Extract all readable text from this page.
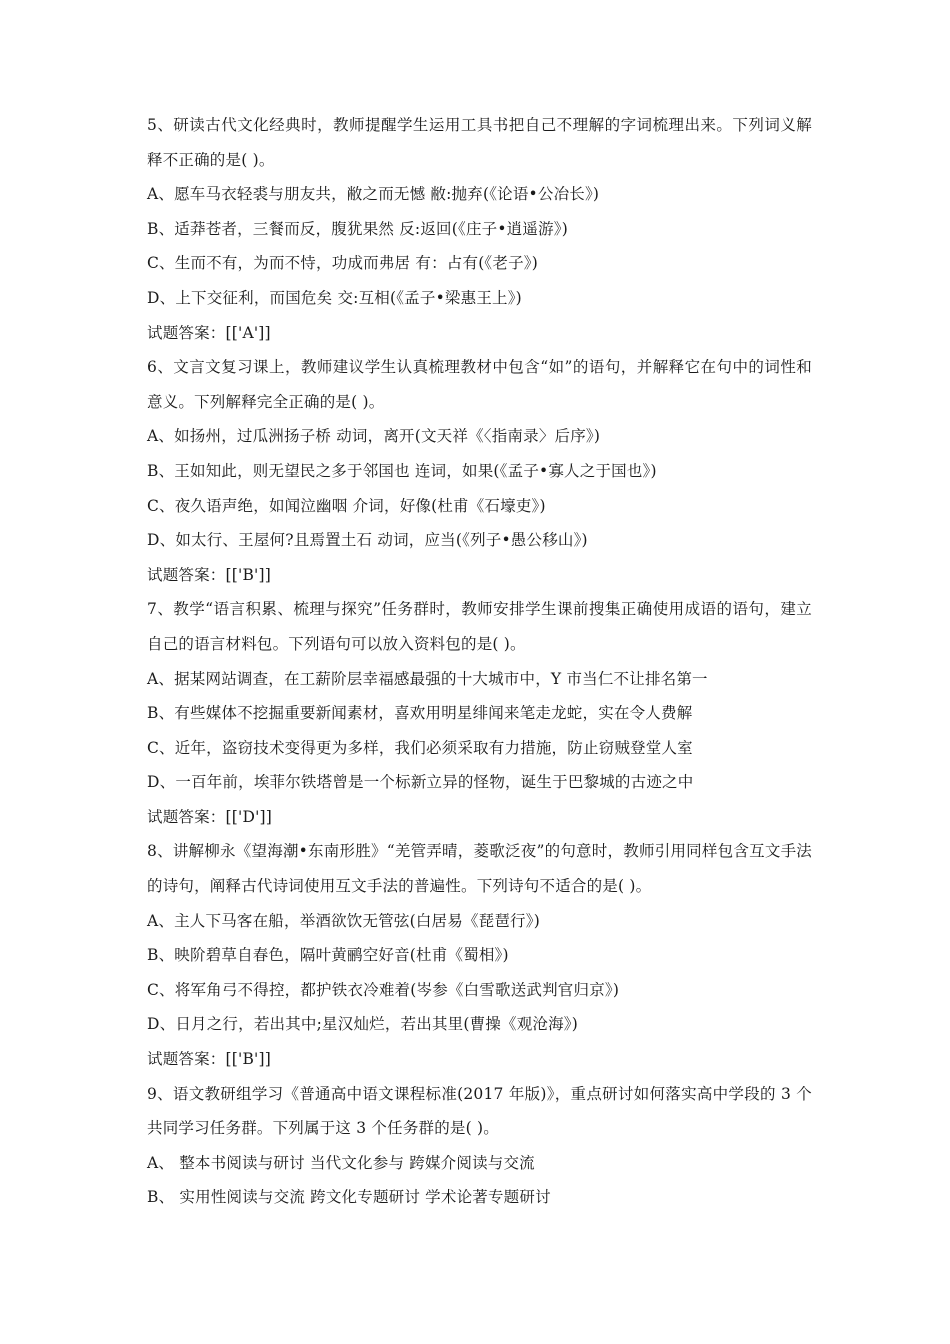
5、研读古代文化经典时，教师提醒学生运用工具书把自己不理解的字词梳理出来。下列词义解释不正确的是( )。
A、愿车马衣轻裘与朋友共，敝之而无憾 敝:抛弃(《论语•公冶长》)
B、适莽苍者，三餐而反，腹犹果然 反:返回(《庄子•逍遥游》)
C、生而不有，为而不恃，功成而弗居 有：占有(《老子》)
D、上下交征利，而国危矣 交:互相(《孟子•梁惠王上》)
试题答案：[['A']]
6、文言文复习课上，教师建议学生认真梳理教材中包含“如”的语句，并解释它在句中的词性和意义。下列解释完全正确的是( )。
A、如扬州，过瓜洲扬子桥 动词，离开(文天祥《〈指南录〉后序》)
B、王如知此，则无望民之多于邻国也 连词，如果(《孟子•寡人之于国也》)
C、夜久语声绝，如闻泣幽咽 介词，好像(杜甫《石壕吏》)
D、如太行、王屋何?且焉置土石 动词，应当(《列子•愚公移山》)
试题答案：[['B']]
7、教学“语言积累、梳理与探究”任务群时，教师安排学生课前搜集正确使用成语的语句，建立自己的语言材料包。下列语句可以放入资料包的是( )。
A、据某网站调查，在工薪阶层幸福感最强的十大城市中，Y 市当仁不让排名第一
B、有些媒体不挖掘重要新闻素材，喜欢用明星绯闻来笔走龙蛇，实在令人费解
C、近年，盗窃技术变得更为多样，我们必须采取有力措施，防止窃贼登堂人室
D、一百年前，埃菲尔铁塔曾是一个标新立异的怪物，诞生于巴黎城的古迹之中
试题答案：[['D']]
8、讲解柳永《望海潮•东南形胜》“羌管弄晴，菱歌泛夜”的句意时，教师引用同样包含互文手法的诗句，阐释古代诗词使用互文手法的普遍性。下列诗句不适合的是( )。
A、主人下马客在船，举酒欲饮无管弦(白居易《琵琶行》)
B、映阶碧草自春色，隔叶黄鹂空好音(杜甫《蜀相》)
C、将军角弓不得控，都护铁衣冷难着(岑参《白雪歌送武判官归京》)
D、日月之行，若出其中;星汉灿烂，若出其里(曹操《观沧海》)
试题答案：[['B']]
9、语文教研组学习《普通高中语文课程标准(2017 年版)》，重点研讨如何落实高中学段的 3 个共同学习任务群。下列属于这 3 个任务群的是( )。
A、 整本书阅读与研讨 当代文化参与 跨媒介阅读与交流
B、 实用性阅读与交流 跨文化专题研讨 学术论著专题研讨
